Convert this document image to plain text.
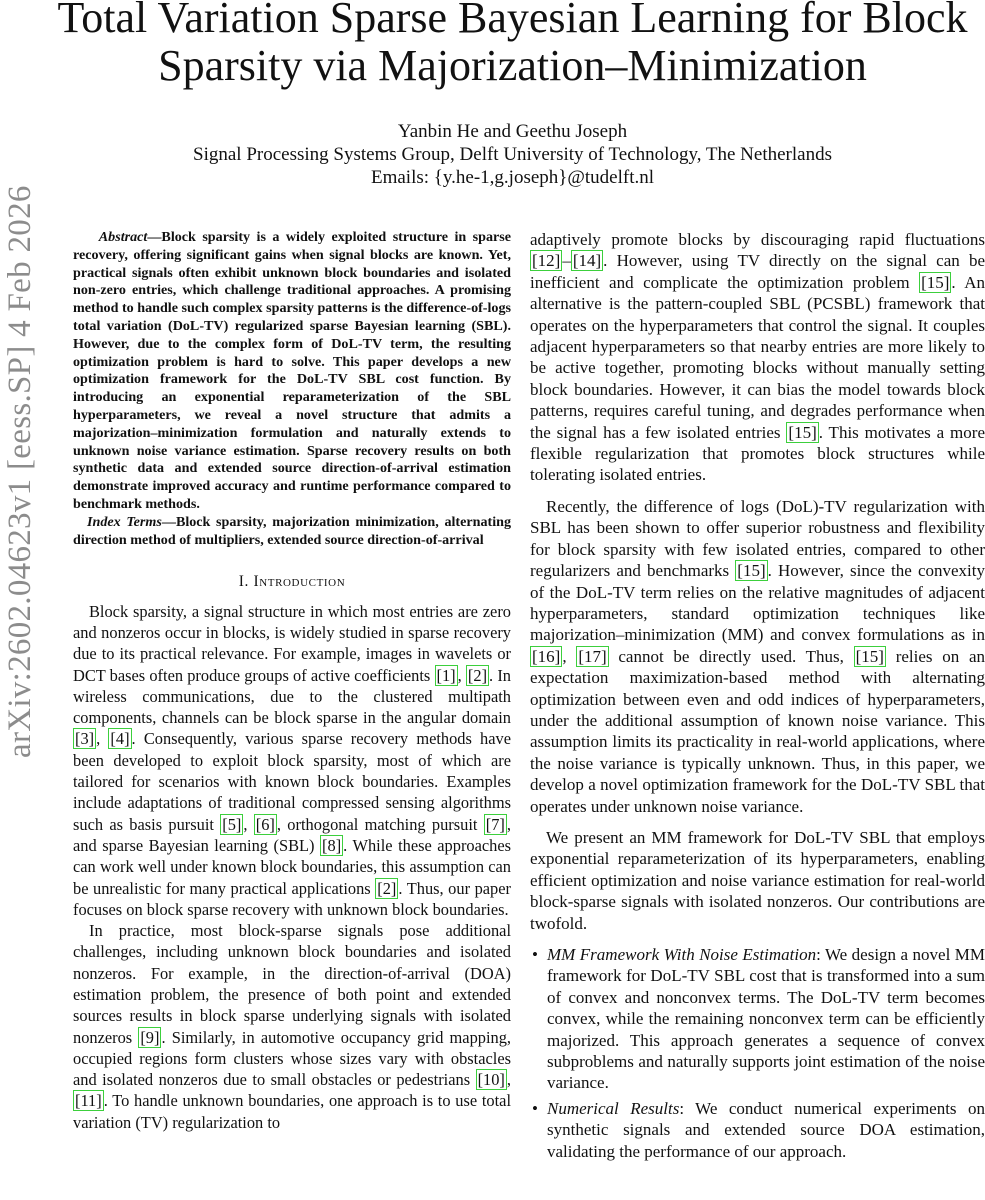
arXiv:2602.04623v1 [eess.SP] 4 Feb 2026
Total Variation Sparse Bayesian Learning for Block Sparsity via Majorization–Minimization
Yanbin He and Geethu Joseph
Signal Processing Systems Group, Delft University of Technology, The Netherlands
Emails: {y.he-1,g.joseph}@tudelft.nl

Abstract—Block sparsity is a widely exploited structure in sparse recovery, offering significant gains when signal blocks are known. Yet, practical signals often exhibit unknown block boundaries and isolated non-zero entries, which challenge traditional approaches. A promising method to handle such complex sparsity patterns is the difference-of-logs total variation (DoL-TV) regularized sparse Bayesian learning (SBL). However, due to the complex form of DoL-TV term, the resulting optimization problem is hard to solve. This paper develops a new optimization framework for the DoL-TV SBL cost function. By introducing an exponential reparameterization of the SBL hyperparameters, we reveal a novel structure that admits a majorization–minimization formulation and naturally extends to unknown noise variance estimation. Sparse recovery results on both synthetic data and extended source direction-of-arrival estimation demonstrate improved accuracy and runtime performance compared to benchmark methods.

Index Terms—Block sparsity, majorization minimization, alternating direction method of multipliers, extended source direction-of-arrival

I. Introduction

Block sparsity, a signal structure in which most entries are zero and nonzeros occur in blocks, is widely studied in sparse recovery due to its practical relevance. For example, images in wavelets or DCT bases often produce groups of active coefficients [1] , [2] . In wireless communications, due to the clustered multipath components, channels can be block sparse in the angular domain [3] , [4] . Consequently, various sparse recovery methods have been developed to exploit block sparsity, most of which are tailored for scenarios with known block boundaries. Examples include adaptations of traditional compressed sensing algorithms such as basis pursuit [5] , [6] , orthogonal matching pursuit [7] , and sparse Bayesian learning (SBL) [8] . While these approaches can work well under known block boundaries, this assumption can be unrealistic for many practical applications [2] . Thus, our paper focuses on block sparse recovery with unknown block boundaries.

In practice, most block-sparse signals pose additional challenges, including unknown block boundaries and isolated nonzeros. For example, in the direction-of-arrival (DOA) estimation problem, the presence of both point and extended sources results in block sparse underlying signals with isolated nonzeros [9] . Similarly, in automotive occupancy grid mapping, occupied regions form clusters whose sizes vary with obstacles and isolated nonzeros due to small obstacles or pedestrians [10] , [11] . To handle unknown boundaries, one approach is to use total variation (TV) regularization to

adaptively promote blocks by discouraging rapid fluctuations [12] – [14] . However, using TV directly on the signal can be inefficient and complicate the optimization problem [15] . An alternative is the pattern-coupled SBL (PCSBL) framework that operates on the hyperparameters that control the signal. It couples adjacent hyperparameters so that nearby entries are more likely to be active together, promoting blocks without manually setting block boundaries. However, it can bias the model towards block patterns, requires careful tuning, and degrades performance when the signal has a few isolated entries [15] . This motivates a more flexible regularization that promotes block structures while tolerating isolated entries.

Recently, the difference of logs (DoL)-TV regularization with SBL has been shown to offer superior robustness and flexibility for block sparsity with few isolated entries, compared to other regularizers and benchmarks [15] . However, since the convexity of the DoL-TV term relies on the relative magnitudes of adjacent hyperparameters, standard optimization techniques like majorization–minimization (MM) and convex formulations as in [16] , [17] cannot be directly used. Thus, [15] relies on an expectation maximization-based method with alternating optimization between even and odd indices of hyperparameters, under the additional assumption of known noise variance. This assumption limits its practicality in real-world applications, where the noise variance is typically unknown. Thus, in this paper, we develop a novel optimization framework for the DoL-TV SBL that operates under unknown noise variance.

We present an MM framework for DoL-TV SBL that employs exponential reparameterization of its hyperparameters, enabling efficient optimization and noise variance estimation for real-world block-sparse signals with isolated nonzeros. Our contributions are twofold.

• MM Framework With Noise Estimation: We design a novel MM framework for DoL-TV SBL cost that is transformed into a sum of convex and nonconvex terms. The DoL-TV term becomes convex, while the remaining nonconvex term can be efficiently majorized. This approach generates a sequence of convex subproblems and naturally supports joint estimation of the noise variance.
• Numerical Results: We conduct numerical experiments on synthetic signals and extended source DOA estimation, validating the performance of our approach.
